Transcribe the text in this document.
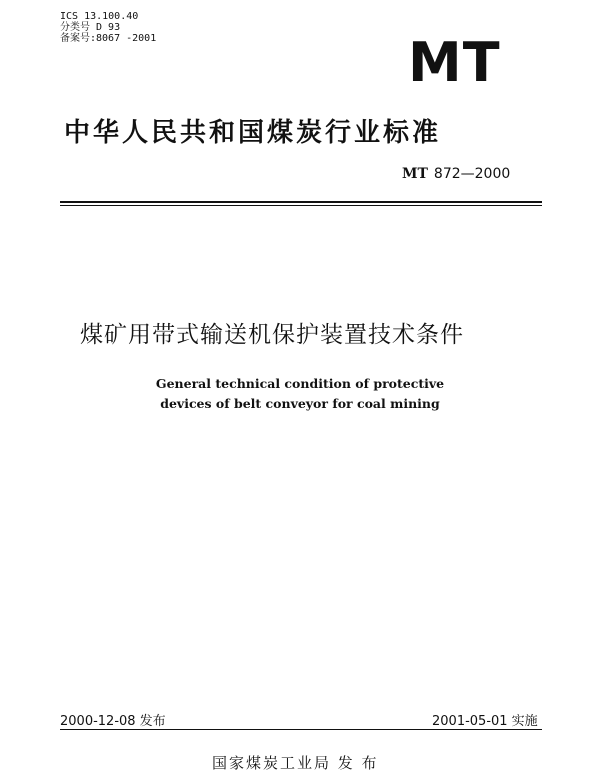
ICS 13.100.40
分类号 D 93
备案号:8067 -2001	MT
中华人民共和国煤炭行业标准
MT 872—2000
煤矿用带式输送机保护装置技术条件
General technical condition of protective
devices of belt conveyor for coal mining
2000-12-08 发布	2001-05-01 实施
国家煤炭工业局 发 布
